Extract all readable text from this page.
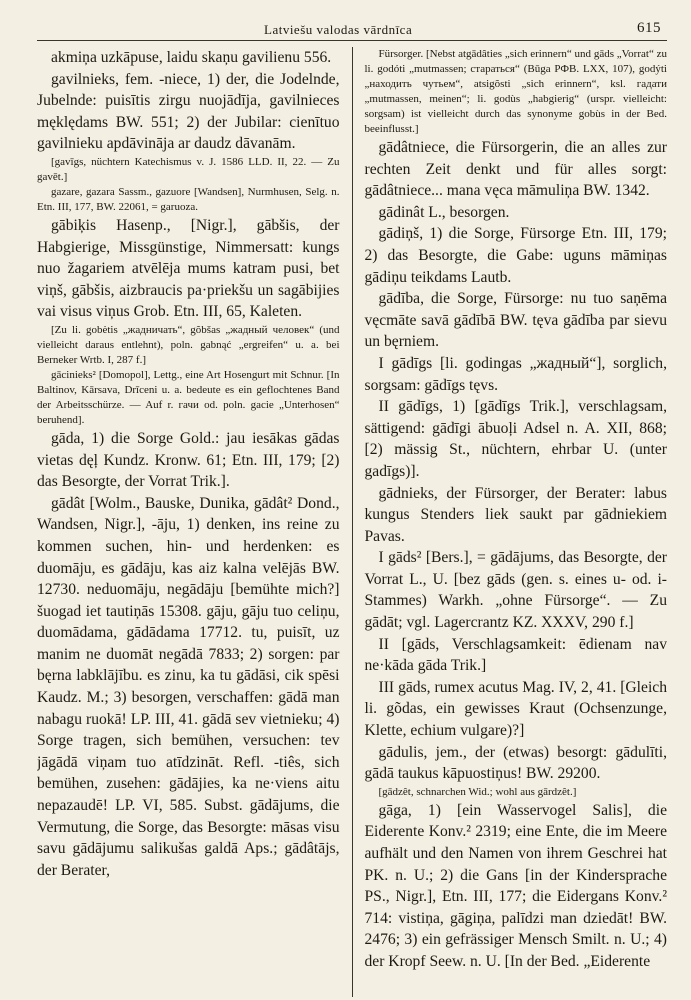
Latviešu valodas vārdnīca	615

akmiņa uzkāpuse, laidu skaņu gavilienu 556.

gavilnieks, fem. -niece, 1) der, die Jodelnde, Jubelnde: puisītis zirgu nuojādīja, gavilnieces męklędams BW. 551; 2) der Jubilar: cienītuo gavilnieku apdāvināja ar daudz dāvanām.

[gavīgs, nüchtern Katechismus v. J. 1586 LLD. II, 22. — Zu gavēt.]

gazare, gazara Sassm., gazuore [Wandsen], Nurmhusen, Selg. n. Etn. III, 177, BW. 22061, = garuoza.

gābiķis Hasenp., [Nigr.], gābšis, der Habgierige, Missgünstige, Nimmersatt: kungs nuo žagariem atvēlēja mums katram pusi, bet viņš, gābšis, aizbraucis pa·priekšu un sagābijies vai visus viņus Grob. Etn. III, 65, Kaleten.

[Zu li. gobėtis „жадничать“, gõbšas „жадный человек“ (und vielleicht daraus entlehnt), poln. gabnąć „ergreifen“ u. a. bei Berneker Wrtb. I, 287 f.]

gācinieks² [Domopol], Lettg., eine Art Hosengurt mit Schnur. [In Baltinov, Kārsava, Drīceni u. a. bedeute es ein geflochtenes Band der Arbeitsschürze. — Auf r. гачи od. poln. gacie „Unterhosen“ beruhend].

gāda, 1) die Sorge Gold.: jau iesākas gādas vietas dęļ Kundz. Kronw. 61; Etn. III, 179; [2) das Besorgte, der Vorrat Trik.].

gādât [Wolm., Bauske, Dunika, gādât² Dond., Wandsen, Nigr.], -āju, 1) denken, ins reine zu kommen suchen, hin- und herdenken: es duomāju, es gādāju, kas aiz kalna velējās BW. 12730. neduomāju, negādāju [bemühte mich?] šuogad iet tautiņās 15308. gāju, gāju tuo celiņu, duomādama, gādādama 17712. tu, puisīt, uz manim ne duomāt negādā 7833; 2) sorgen: par bęrna labklājību. es zinu, ka tu gādāsi, cik spēsi Kaudz. M.; 3) besorgen, verschaffen: gādā man nabagu ruokā! LP. III, 41. gādā sev vietnieku; 4) Sorge tragen, sich bemühen, versuchen: tev jāgādā viņam tuo atīdzināt. Refl. -tiês, sich bemühen, zusehen: gādājies, ka ne·viens aitu nepazaudē! LP. VI, 585. Subst. gādājums, die Vermutung, die Sorge, das Besorgte: māsas visu savu gādājumu salikušas galdā Aps.; gādâtājs, der Berater,

Fürsorger. [Nebst atgādâties „sich erinnern“ und gāds „Vorrat“ zu li. godóti „mutmassen; стараться“ (Būga РФВ. LXX, 107), godýti „находить чутьем“, atsigõsti „sich erinnern“, ksl. гадати „mutmassen, meinen“; li. godùs „habgierig“ (urspr. vielleicht: sorgsam) ist vielleicht durch das synonyme gobùs in der Bed. beeinflusst.]

gādâtniece, die Fürsorgerin, die an alles zur rechten Zeit denkt und für alles sorgt: gādâtniece... mana vęca māmuliņa BW. 1342.

gādinât L., besorgen.

gādiņš, 1) die Sorge, Fürsorge Etn. III, 179; 2) das Besorgte, die Gabe: uguns māmiņas gādiņu teikdams Lautb.

gādība, die Sorge, Fürsorge: nu tuo saņēma vęcmāte savā gādībā BW. tęva gādība par sievu un bęrniem.

I gādīgs [li. godingas „жадный“], sorglich, sorgsam: gādīgs tęvs.

II gādīgs, 1) [gādīgs Trik.], verschlagsam, sättigend: gādīgi ābuoļi Adsel n. A. XII, 868; [2) mässig St., nüchtern, ehrbar U. (unter gadīgs)].

gādnieks, der Fürsorger, der Berater: labus kungus Stenders liek saukt par gādniekiem Pavas.

I gāds² [Bers.], = gādājums, das Besorgte, der Vorrat L., U. [bez gāds (gen. s. eines u- od. i- Stammes) Warkh. „ohne Fürsorge“. — Zu gādāt; vgl. Lagercrantz KZ. XXXV, 290 f.]

II [gāds, Verschlagsamkeit: ēdienam nav ne·kāda gāda Trik.]

III gāds, rumex acutus Mag. IV, 2, 41. [Gleich li. gõdas, ein gewisses Kraut (Ochsenzunge, Klette, echium vulgare)?]

gādulis, jem., der (etwas) besorgt: gādulīti, gādā taukus kāpuostiņus! BW. 29200.

[gādzêt, schnarchen Wid.; wohl aus gārdzêt.]

gāga, 1) [ein Wasservogel Salis], die Eiderente Konv.² 2319; eine Ente, die im Meere aufhält und den Namen von ihrem Geschrei hat PK. n. U.; 2) die Gans [in der Kindersprache PS., Nigr.], Etn. III, 177; die Eidergans Konv.² 714: vistiņa, gāgiņa, palīdzi man dziedāt! BW. 2476; 3) ein gefrässiger Mensch Smilt. n. U.; 4) der Kropf Seew. n. U. [In der Bed. „Eiderente
